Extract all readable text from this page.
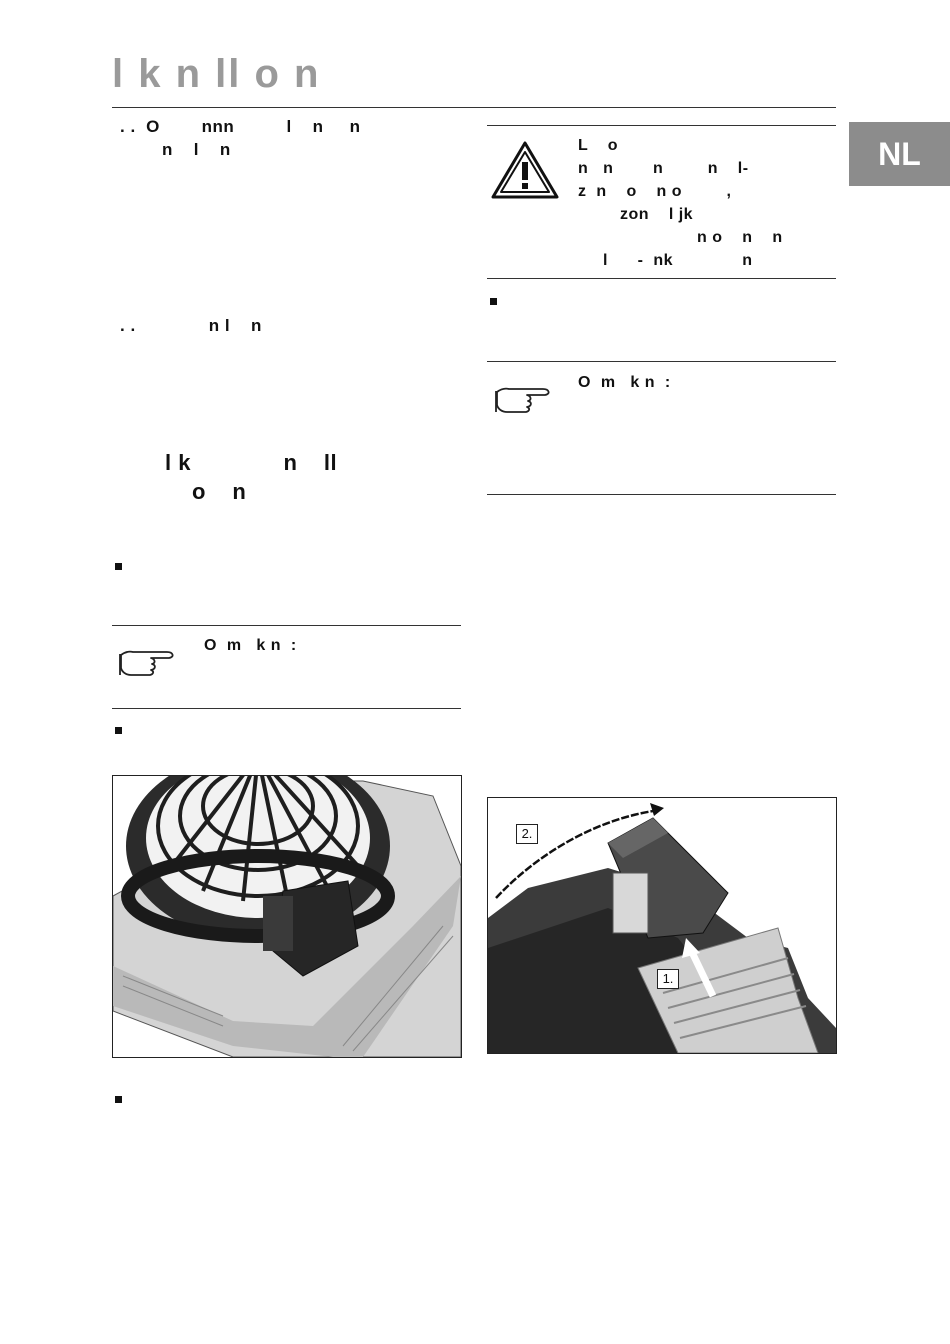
l k n ll o n
NL
. .  O        nnn          l    n     n
n    l    n
. .              n l    n
l k              n    ll
o    n
O  m   k n  :
L    o
n   n        n         n    l-
z  n    o    n o         ,
zon    l jk
n o    n    n
l      -  nk              n
O  m   k n  :
2.
1.
